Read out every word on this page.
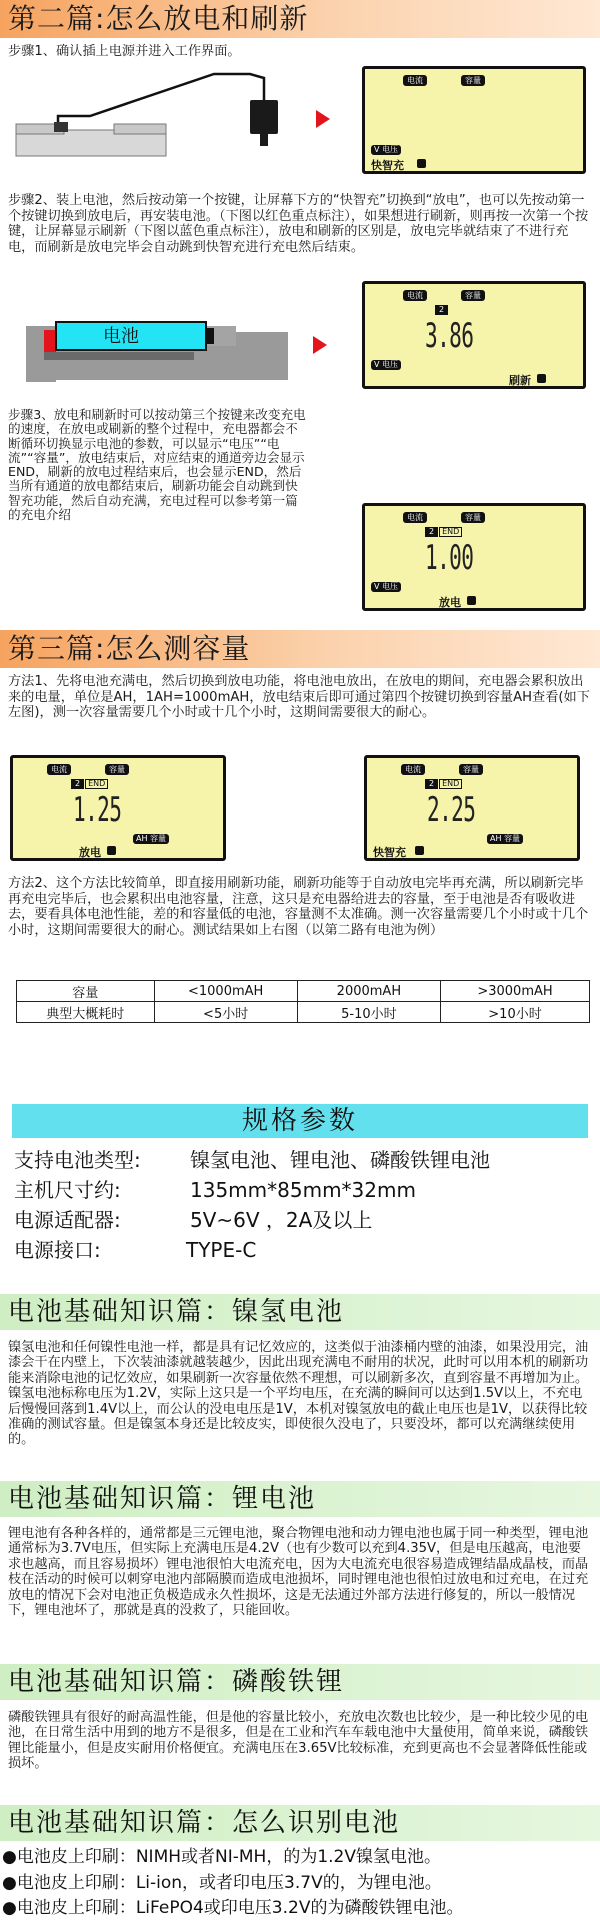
第二篇:怎么放电和刷新
步骤1、确认插上电源并进入工作界面。
电流	容量
V 电压
快智充
步骤2、装上电池，然后按动第一个按键，让屏幕下方的“快智充”切换到“放电”，也可以先按动第一个按键切换到放电后，再安装电池。（下图以红色重点标注），如果想进行刷新，则再按一次第一个按键，让屏幕显示刷新（下图以蓝色重点标注），放电和刷新的区别是，放电完毕就结束了不进行充电，而刷新是放电完毕会自动跳到快智充进行充电然后结束。
电池
电流	容量
2
3.86
V 电压
刷新
步骤3、放电和刷新时可以按动第三个按键来改变充电的速度，在放电或刷新的整个过程中，充电器都会不断循环切换显示电池的参数，可以显示“电压”“电流”“容量”，放电结束后，对应结束的通道旁边会显示END，刷新的放电过程结束后，也会显示END，然后当所有通道的放电都结束后，刷新功能会自动跳到快智充功能，然后自动充满，充电过程可以参考第一篇的充电介绍	电流	容量
2 END
1.00
V 电压
放电
第三篇:怎么测容量
方法1、先将电池充满电，然后切换到放电功能，将电池电放出，在放电的期间，充电器会累积放出来的电量，单位是AH，1AH=1000mAH，放电结束后即可通过第四个按键切换到容量AH查看(如下左图)，测一次容量需要几个小时或十几个小时，这期间需要很大的耐心。
电流	容量
2 END
1.25
AH 容量
放电
电流	容量
2 END
2.25
AH 容量
快智充
方法2、这个方法比较简单，即直接用刷新功能，刷新功能等于自动放电完毕再充满，所以刷新完毕再充电完毕后，也会累积出电池容量，注意，这只是充电器给进去的容量，至于电池是否有吸收进去，要看具体电池性能，差的和容量低的电池，容量测不太准确。测一次容量需要几个小时或十几个小时，这期间需要很大的耐心。测试结果如上右图（以第二路有电池为例）
容量	<1000mAH	2000mAH	>3000mAH
典型大概耗时	<5小时	5-10小时	>10小时
规格参数
支持电池类型: 镍氢电池、锂电池、磷酸铁锂电池
主机尺寸约:	135mm*85mm*32mm
电源适配器:	5V~6V ，2A及以上
电源接口:	TYPE-C
电池基础知识篇：镍氢电池
镍氢电池和任何镍性电池一样，都是具有记忆效应的，这类似于油漆桶内壁的油漆，如果没用完，油漆会干在内壁上，下次装油漆就越装越少，因此出现充满电不耐用的状况，此时可以用本机的刷新功能来消除电池的记忆效应，如果刷新一次容量依然不理想，可以刷新多次，直到容量不再增加为止。镍氢电池标称电压为1.2V，实际上这只是一个平均电压，在充满的瞬间可以达到1.5V以上，不充电后慢慢回落到1.4V以上，而公认的没电电压是1V，本机对镍氢放电的截止电压也是1V，以获得比较准确的测试容量。但是镍氢本身还是比较皮实，即使很久没电了，只要没坏，都可以充满继续使用的。
电池基础知识篇：锂电池
锂电池有各种各样的，通常都是三元锂电池，聚合物锂电池和动力锂电池也属于同一种类型，锂电池通常标为3.7V电压，但实际上充满电压是4.2V（也有少数可以充到4.35V，但是电压越高，电池要求也越高，而且容易损坏）锂电池很怕大电流充电，因为大电流充电很容易造成锂结晶成晶枝，而晶枝在活动的时候可以刺穿电池内部隔膜而造成电池损坏，同时锂电池也很怕过放电和过充电，在过充放电的情况下会对电池正负极造成永久性损坏，这是无法通过外部方法进行修复的，所以一般情况下，锂电池坏了，那就是真的没救了，只能回收。
电池基础知识篇：磷酸铁锂
磷酸铁锂具有很好的耐高温性能，但是他的容量比较小，充放电次数也比较少，是一种比较少见的电池，在日常生活中用到的地方不是很多，但是在工业和汽车车载电池中大量使用，简单来说，磷酸铁锂比能量小，但是皮实耐用价格便宜。充满电压在3.65V比较标准，充到更高也不会显著降低性能或损坏。
电池基础知识篇：怎么识别电池
●电池皮上印刷：NIMH或者NI-MH，的为1.2V镍氢电池。
●电池皮上印刷：Li-ion，或者印电压3.7V的，为锂电池。
●电池皮上印刷：LiFePO4或印电压3.2V的为磷酸铁锂电池。
